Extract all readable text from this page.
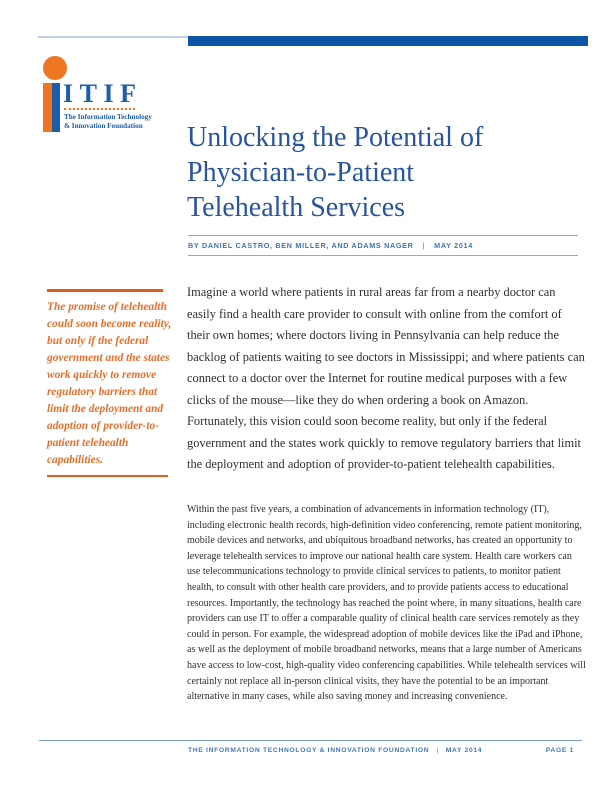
ITIF
The Information Technology
& Innovation Foundation	Unlocking the Potential of
Physician-to-Patient
Telehealth Services
BY DANIEL CASTRO, BEN MILLER, AND ADAMS NAGER | MAY 2014

The promise of telehealth could soon become reality, but only if the federal government and the states work quickly to remove regulatory barriers that limit the deployment and adoption of provider-to-patient telehealth capabilities.

Imagine a world where patients in rural areas far from a nearby doctor can easily find a health care provider to consult with online from the comfort of their own homes; where doctors living in Pennsylvania can help reduce the backlog of patients waiting to see doctors in Mississippi; and where patients can connect to a doctor over the Internet for routine medical purposes with a few clicks of the mouse—like they do when ordering a book on Amazon. Fortunately, this vision could soon become reality, but only if the federal government and the states work quickly to remove regulatory barriers that limit the deployment and adoption of provider-to-patient telehealth capabilities.

Within the past five years, a combination of advancements in information technology (IT), including electronic health records, high-definition video conferencing, remote patient monitoring, mobile devices and networks, and ubiquitous broadband networks, has created an opportunity to leverage telehealth services to improve our national health care system. Health care workers can use telecommunications technology to provide clinical services to patients, to monitor patient health, to consult with other health care providers, and to provide patients access to educational resources. Importantly, the technology has reached the point where, in many situations, health care providers can use IT to offer a comparable quality of clinical health care services remotely as they could in person. For example, the widespread adoption of mobile devices like the iPad and iPhone, as well as the deployment of mobile broadband networks, means that a large number of Americans have access to low-cost, high-quality video conferencing capabilities. While telehealth services will certainly not replace all in-person clinical visits, they have the potential to be an important alternative in many cases, while also saving money and increasing convenience.

THE INFORMATION TECHNOLOGY & INNOVATION FOUNDATION | MAY 2014	PAGE 1
